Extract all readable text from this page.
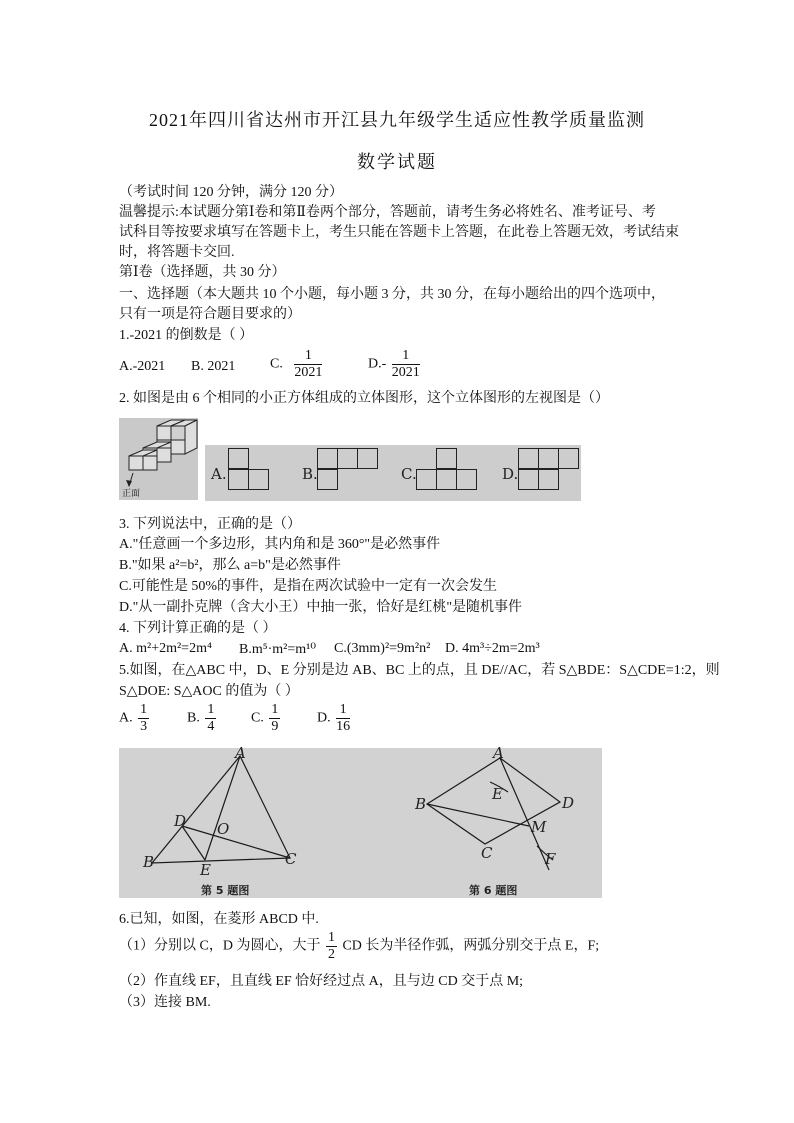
2021年四川省达州市开江县九年级学生适应性教学质量监测
数学试题
（考试时间 120 分钟，满分 120 分）
温馨提示:本试题分第Ⅰ卷和第Ⅱ卷两个部分，答题前，请考生务必将姓名、准考证号、考
试科目等按要求填写在答题卡上，考生只能在答题卡上答题，在此卷上答题无效，考试结束
时，将答题卡交回.
第Ⅰ卷（选择题，共 30 分）
一、选择题（本大题共 10 个小题，每小题 3 分，共 30 分，在每小题给出的四个选项中，
只有一项是符合题目要求的）
1.-2021 的倒数是（ ）
A.-2021 B. 2021 C. $\frac{1}{2021}$	$D.- \frac{1}{2021}$
2. 如图是由 6 个相同的小正方体组成的立体图形，这个立体图形的左视图是（）
正面
A.	B.	C.	D.
3. 下列说法中，正确的是（）
A."任意画一个多边形，其内角和是 360°"是必然事件
B."如果 a²=b²，那么 a=b"是必然事件
C.可能性是 50%的事件，是指在两次试验中一定有一次会发生
D."从一副扑克牌（含大小王）中抽一张，恰好是红桃"是随机事件
4. 下列计算正确的是（ ）
A. m²+2m²=2m⁴ B.m⁵·m²=m¹⁰ C.(3mm)²=9m²n² D. 4m³÷2m=2m³
5.如图，在△ABC 中，D、E 分别是边 AB、BC 上的点，且 DE//AC，若 S△BDE：S△CDE=1:2，则
S△DOE: S△AOC 的值为（ ）
A. $\frac{1}{3}$	B. $\frac{1}{4} C$. $\frac{1}{9}$	D. $\frac{1}{16}$
A
B	C
D
E
O
第 5 题图
A
B
C
D
E
M
F
第 6 题图
6.已知，如图，在菱形 ABCD 中.
（1）分别以 C，D 为圆心，大于 $\frac{1}{2}$ CD 长为半径作弧，两弧分别交于点 E，F;
（2）作直线 EF，且直线 EF 恰好经过点 A，且与边 CD 交于点 M;
（3）连接 BM.
